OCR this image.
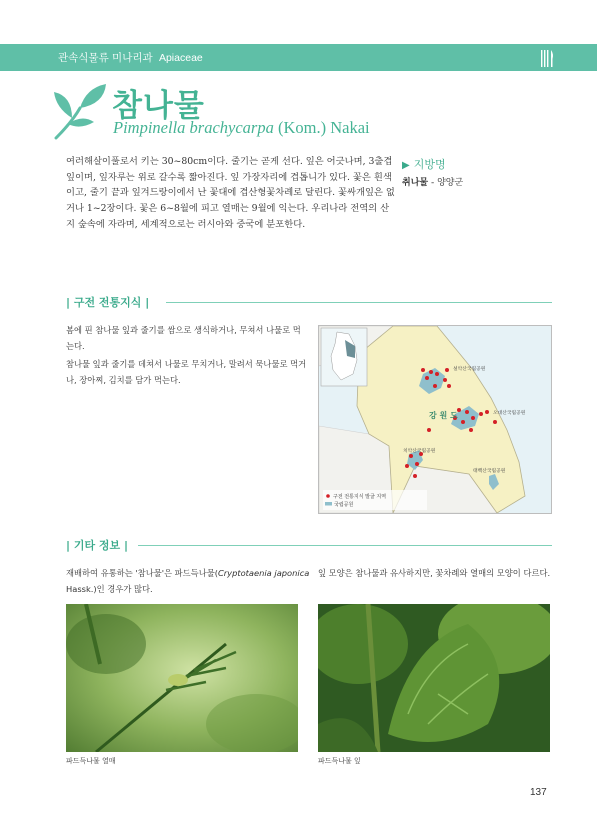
관속식물류 미나리과 Apiaceae
참나물
Pimpinella brachycarpa (Kom.) Nakai
여러해살이풀로서 키는 30~80cm이다. 줄기는 곧게 선다. 잎은 어긋나며, 3출겹잎이며, 잎자루는 위로 갈수록 짧아진다. 잎 가장자리에 겹톱니가 있다. 꽃은 흰색이고, 줄기 끝과 잎겨드랑이에서 난 꽃대에 겹산형꽃차례로 달린다. 꽃싸개잎은 없거나 1~2장이다. 꽃은 6~8월에 피고 열매는 9월에 익는다. 우리나라 전역의 산지 숲속에 자라며, 세계적으로는 러시아와 중국에 분포한다.
▶ 지방명
취나물 - 양양군
| 구전 전통지식 |
봄에 핀 참나물 잎과 줄기를 쌈으로 생식하거나, 무쳐서 나물로 먹는다.
참나물 잎과 줄기를 데쳐서 나물로 무치거나, 말려서 묵나물로 먹거나, 장아찌, 김치를 담가 먹는다.
강 원 도
설악산국립공원
오대산국립공원
치악산국립공원
태백산국립공원
구전 전통지식 발굴 지역
국립공원
| 기타 정보 |
재배하여 유통하는 '참나물'은 파드득나물(Cryptotaenia japonica
Hassk.)인 경우가 많다.
잎 모양은 참나물과 유사하지만, 꽃차례와 열매의 모양이 다르다.
파드득나물 열매	파드득나물 잎
137
